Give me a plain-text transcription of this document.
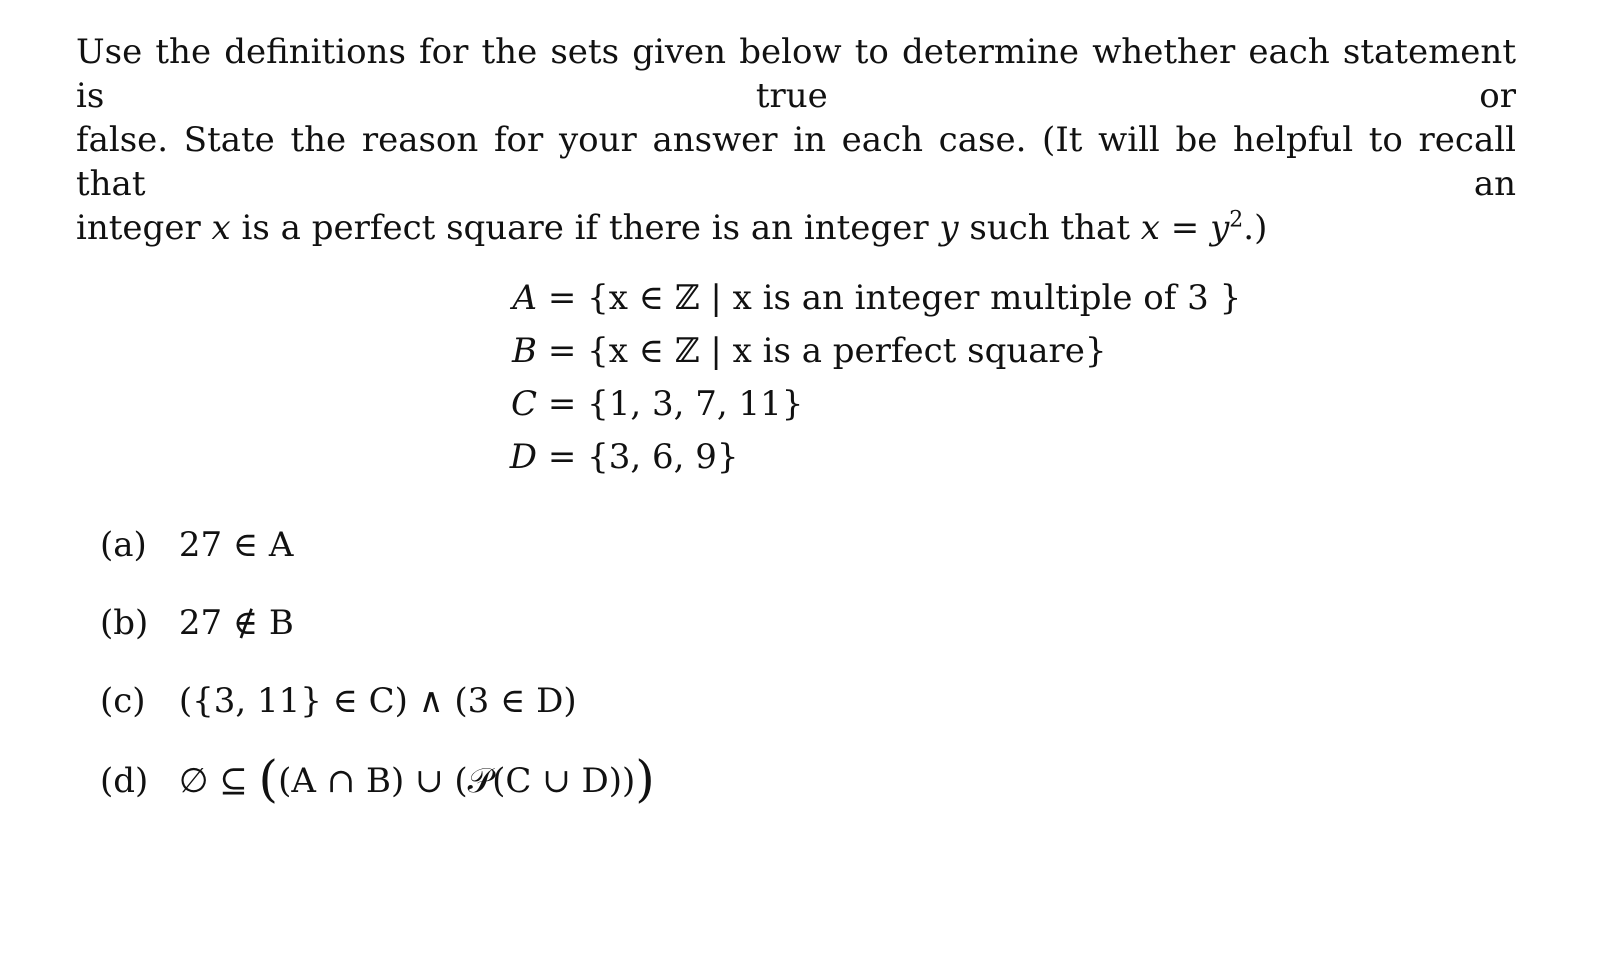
Use the definitions for the sets given below to determine whether each statement is true or
false. State the reason for your answer in each case. (It will be helpful to recall that an
integer x is a perfect square if there is an integer y such that $x = y^2$.)
A = {x ∈ ℤ | x is an integer multiple of 3 }
B = {x ∈ ℤ | x is a perfect square}
C = {1, 3, 7, 11}
D = {3, 6, 9}
(a) 27 ∈ A
(b) 27 ∉ B
(c) ({3, 11} ∈ C) ∧ (3 ∈ D)
(d) ∅ ⊆ ((A ∩ B) ∪ (𝒫(C ∪ D)))
